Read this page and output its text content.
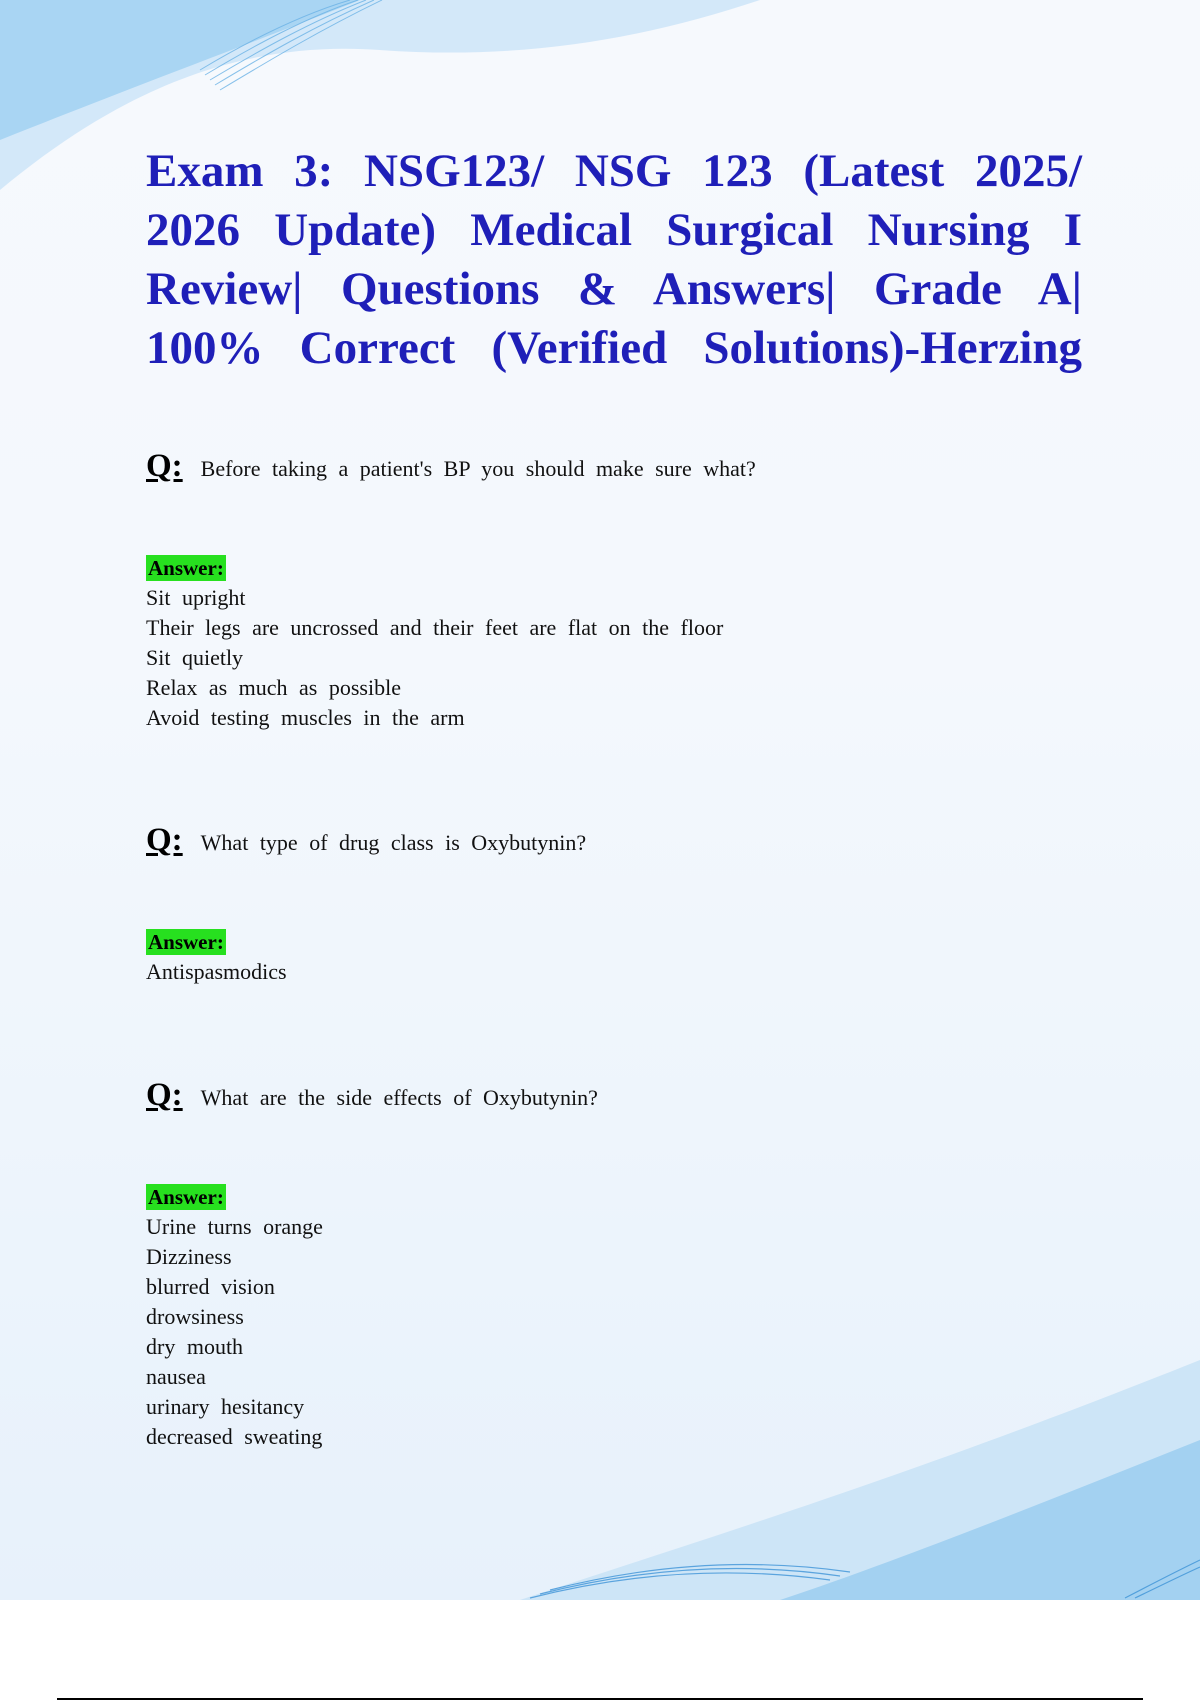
Exam 3: NSG123/ NSG 123 (Latest 2025/
2026 Update) Medical Surgical Nursing I
Review| Questions & Answers| Grade A|
100% Correct (Verified Solutions)-Herzing
Q: Before taking a patient's BP you should make sure what?
Answer:
Sit upright
Their legs are uncrossed and their feet are flat on the floor
Sit quietly
Relax as much as possible
Avoid testing muscles in the arm
Q: What type of drug class is Oxybutynin?
Answer:
Antispasmodics
Q: What are the side effects of Oxybutynin?
Answer:
Urine turns orange
Dizziness
blurred vision
drowsiness
dry mouth
nausea
urinary hesitancy
decreased sweating
